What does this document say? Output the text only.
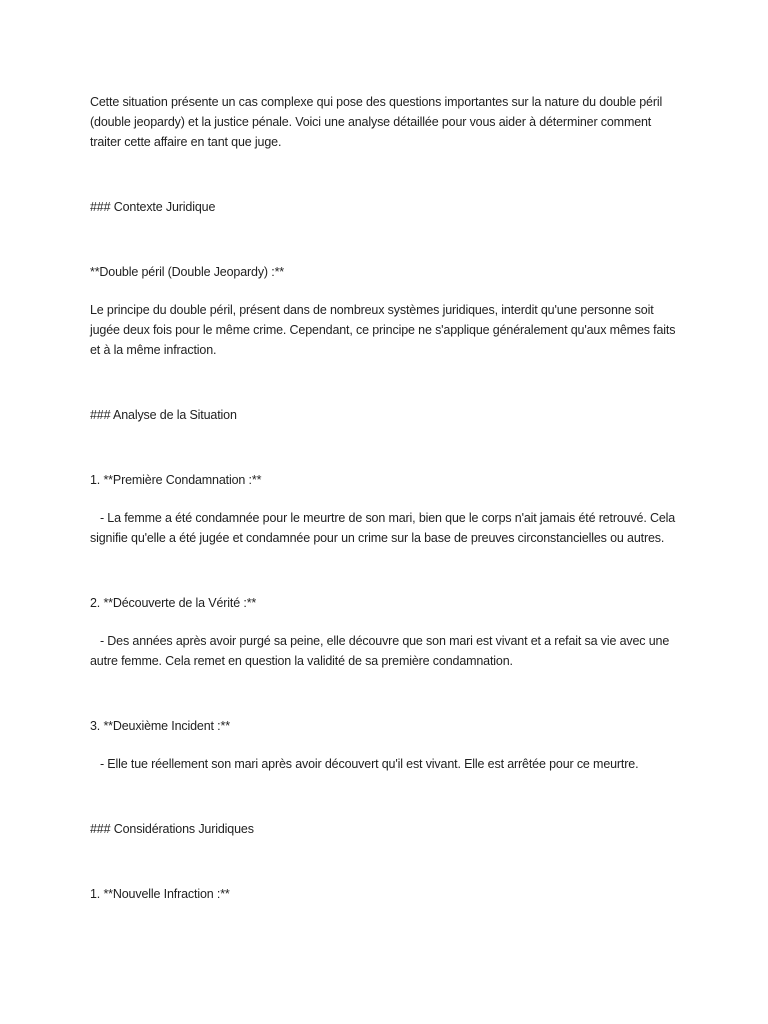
Cette situation présente un cas complexe qui pose des questions importantes sur la nature du double péril (double jeopardy) et la justice pénale. Voici une analyse détaillée pour vous aider à déterminer comment traiter cette affaire en tant que juge.

### Contexte Juridique

**Double péril (Double Jeopardy) :**

Le principe du double péril, présent dans de nombreux systèmes juridiques, interdit qu'une personne soit jugée deux fois pour le même crime. Cependant, ce principe ne s'applique généralement qu'aux mêmes faits et à la même infraction.

### Analyse de la Situation

1. **Première Condamnation :**

- La femme a été condamnée pour le meurtre de son mari, bien que le corps n'ait jamais été retrouvé. Cela signifie qu'elle a été jugée et condamnée pour un crime sur la base de preuves circonstancielles ou autres.

2. **Découverte de la Vérité :**

- Des années après avoir purgé sa peine, elle découvre que son mari est vivant et a refait sa vie avec une autre femme. Cela remet en question la validité de sa première condamnation.

3. **Deuxième Incident :**

- Elle tue réellement son mari après avoir découvert qu'il est vivant. Elle est arrêtée pour ce meurtre.

### Considérations Juridiques

1. **Nouvelle Infraction :**
